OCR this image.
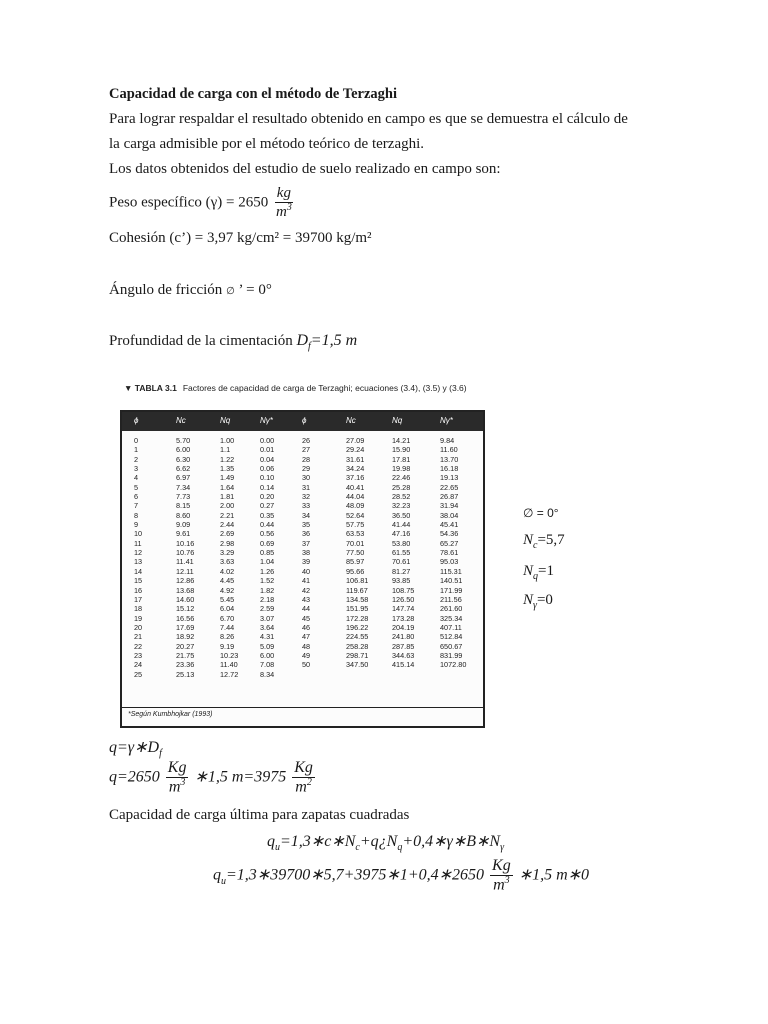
Capacidad de carga con el método de Terzaghi
Para lograr respaldar el resultado obtenido en campo es que se demuestra el cálculo de
la carga admisible por el método teórico de terzaghi.
Los datos obtenidos del estudio de suelo realizado en campo son:
Peso específico $(\gamma) = 2650 \frac{kg}{m^3}$
Cohesión (c’) = 3,97 kg/cm² = 39700 kg/m²
Ángulo de fricción ∅ ’ = 0°
Profundidad de la cimentación $D_f=1,5$ m
▼ TABLA 3.1 Factores de capacidad de carga de Terzaghi; ecuaciones (3.4), (3.5) y (3.6)
ϕ	Nc	Nq	Nγ*	ϕ	Nc	Nq	Nγ*
0	5.70	1.00	0.00	26	27.09	14.21	9.84
1	6.00	1.1	0.01	27	29.24	15.90	11.60
2	6.30	1.22	0.04	28	31.61	17.81	13.70
3	6.62	1.35	0.06	29	34.24	19.98	16.18
4	6.97	1.49	0.10	30	37.16	22.46	19.13
5	7.34	1.64	0.14	31	40.41	25.28	22.65
6	7.73	1.81	0.20	32	44.04	28.52	26.87
7	8.15	2.00	0.27	33	48.09	32.23	31.94
8	8.60	2.21	0.35	34	52.64	36.50	38.04
9	9.09	2.44	0.44	35	57.75	41.44	45.41
10	9.61	2.69	0.56	36	63.53	47.16	54.36
11	10.16	2.98	0.69	37	70.01	53.80	65.27
12	10.76	3.29	0.85	38	77.50	61.55	78.61
13	11.41	3.63	1.04	39	85.97	70.61	95.03
14	12.11	4.02	1.26	40	95.66	81.27	115.31
15	12.86	4.45	1.52	41	106.81	93.85	140.51
16	13.68	4.92	1.82	42	119.67	108.75	171.99
17	14.60	5.45	2.18	43	134.58	126.50	211.56
18	15.12	6.04	2.59	44	151.95	147.74	261.60
19	16.56	6.70	3.07	45	172.28	173.28	325.34
20	17.69	7.44	3.64	46	196.22	204.19	407.11
21	18.92	8.26	4.31	47	224.55	241.80	512.84
22	20.27	9.19	5.09	48	258.28	287.85	650.67
23	21.75	10.23	6.00	49	298.71	344.63	831.99
24	23.36	11.40	7.08	50	347.50	415.14	1072.80
25	25.13	12.72	8.34
*Según Kumbhojkar (1993)
∅ = 0°
$N_c=5,7$
$N_q=1$
$N_\gamma=0$
$q=\gamma∗D_f$
$q=2650 \frac{Kg}{m^3}$ ∗1,5 $m=3975 \frac{Kg}{m^2}$
Capacidad de carga última para zapatas cuadradas
$q_u=1,3∗c∗N_c+q¿N_q+0,4∗\gamma∗B∗N_\gamma$
$q_u=1,3∗39700∗5,7+3975∗1+0,4∗2650 \frac{Kg}{m^3}$ ∗1,5 m∗0
